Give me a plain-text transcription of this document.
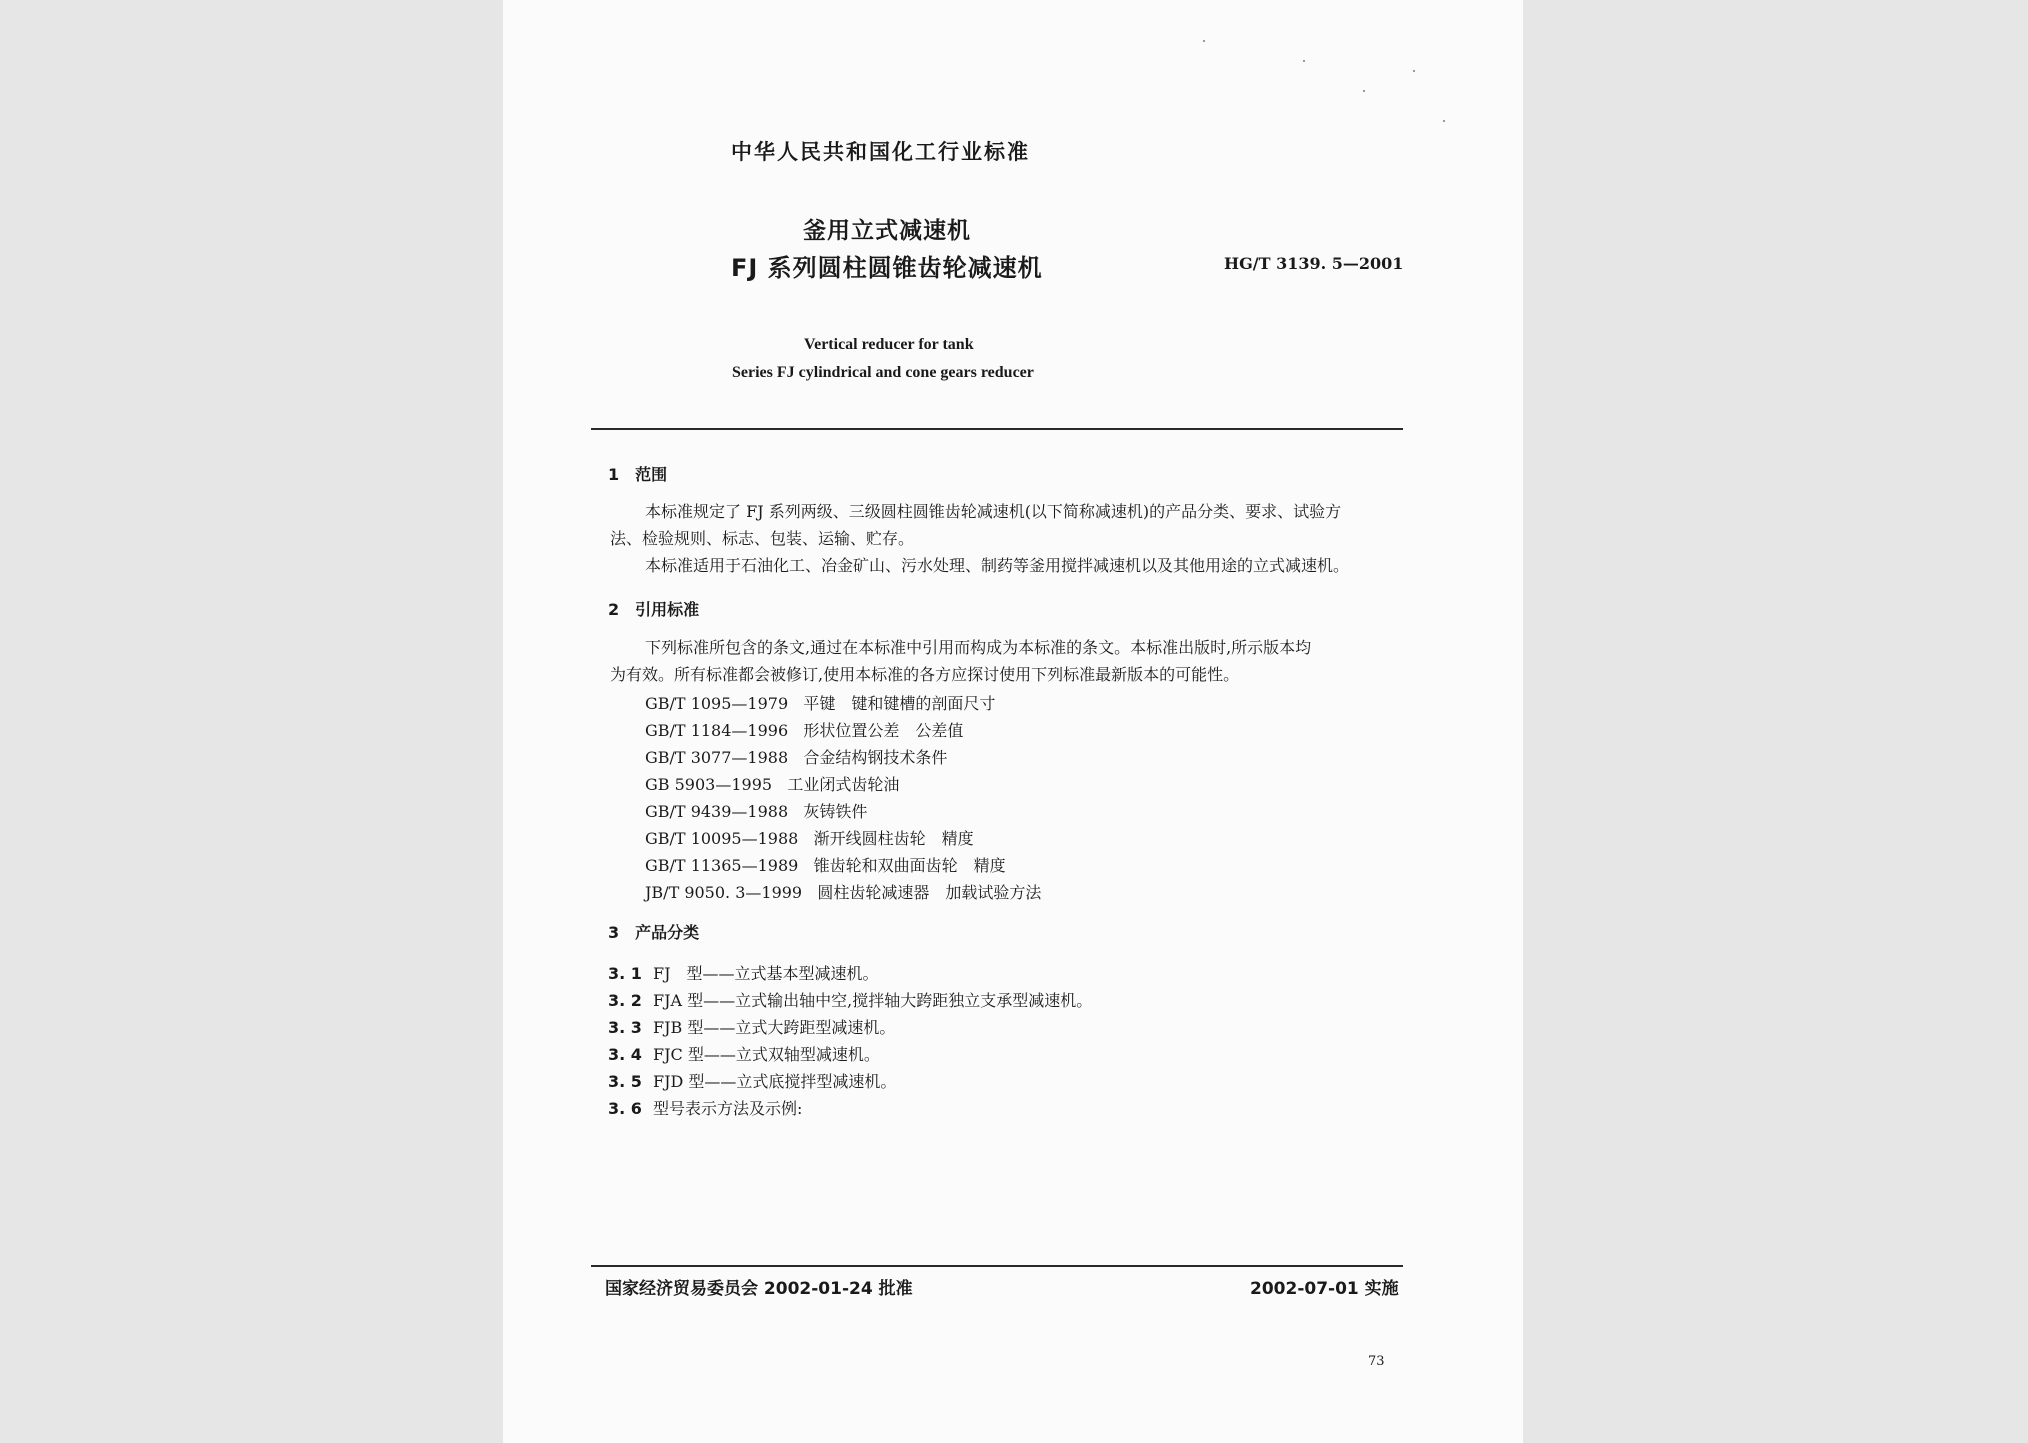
中华人民共和国化工行业标准
釜用立式减速机
FJ 系列圆柱圆锥齿轮减速机	HG/T 3139. 5—2001
Vertical reducer for tank
Series FJ cylindrical and cone gears reducer
1　范围
本标准规定了 FJ 系列两级、三级圆柱圆锥齿轮减速机(以下简称减速机)的产品分类、要求、试验方
法、检验规则、标志、包装、运输、贮存。
本标准适用于石油化工、冶金矿山、污水处理、制药等釜用搅拌减速机以及其他用途的立式减速机。
2　引用标准
下列标准所包含的条文,通过在本标准中引用而构成为本标准的条文。本标准出版时,所示版本均
为有效。所有标准都会被修订,使用本标准的各方应探讨使用下列标准最新版本的可能性。
GB/T 1095—1979 平键　键和键槽的剖面尺寸
GB/T 1184—1996 形状位置公差　公差值
GB/T 3077—1988 合金结构钢技术条件
GB 5903—1995 工业闭式齿轮油
GB/T 9439—1988 灰铸铁件
GB/T 10095—1988 渐开线圆柱齿轮　精度
GB/T 11365—1989 锥齿轮和双曲面齿轮　精度
JB/T 9050. 3—1999 圆柱齿轮减速器　加载试验方法
3　产品分类
3. 1 FJ　型——立式基本型减速机。
3. 2 FJA 型——立式输出轴中空,搅拌轴大跨距独立支承型减速机。
3. 3 FJB 型——立式大跨距型减速机。
3. 4 FJC 型——立式双轴型减速机。
3. 5 FJD 型——立式底搅拌型减速机。
3. 6 型号表示方法及示例:
国家经济贸易委员会 2002-01-24 批准	2002-07-01 实施
73
